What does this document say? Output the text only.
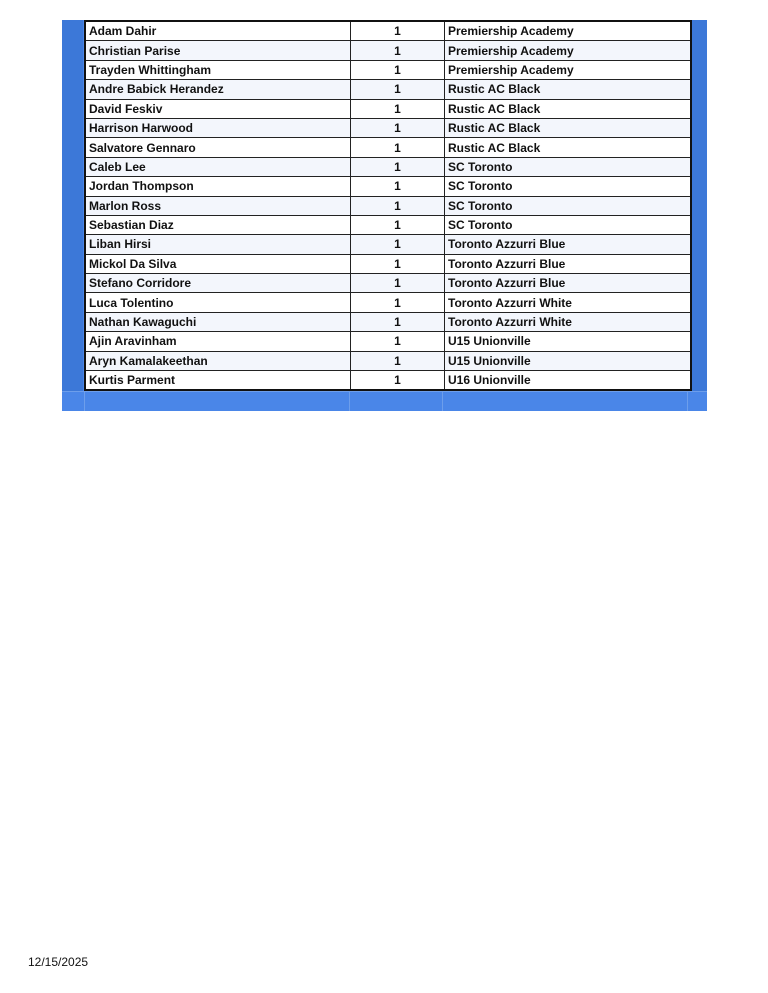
Adam Dahir	1	Premiership Academy
Christian Parise	1	Premiership Academy
Trayden Whittingham	1	Premiership Academy
Andre Babick Herandez	1	Rustic AC Black
David Feskiv	1	Rustic AC Black
Harrison Harwood	1	Rustic AC Black
Salvatore Gennaro	1	Rustic AC Black
Caleb Lee	1	SC Toronto
Jordan Thompson	1	SC Toronto
Marlon Ross	1	SC Toronto
Sebastian Diaz	1	SC Toronto
Liban Hirsi	1	Toronto Azzurri Blue
Mickol Da Silva	1	Toronto Azzurri Blue
Stefano Corridore	1	Toronto Azzurri Blue
Luca Tolentino	1	Toronto Azzurri White
Nathan Kawaguchi	1	Toronto Azzurri White
Ajin Aravinham	1	U15 Unionville
Aryn Kamalakeethan	1	U15 Unionville
Kurtis Parment	1	U16 Unionville
12/15/2025
